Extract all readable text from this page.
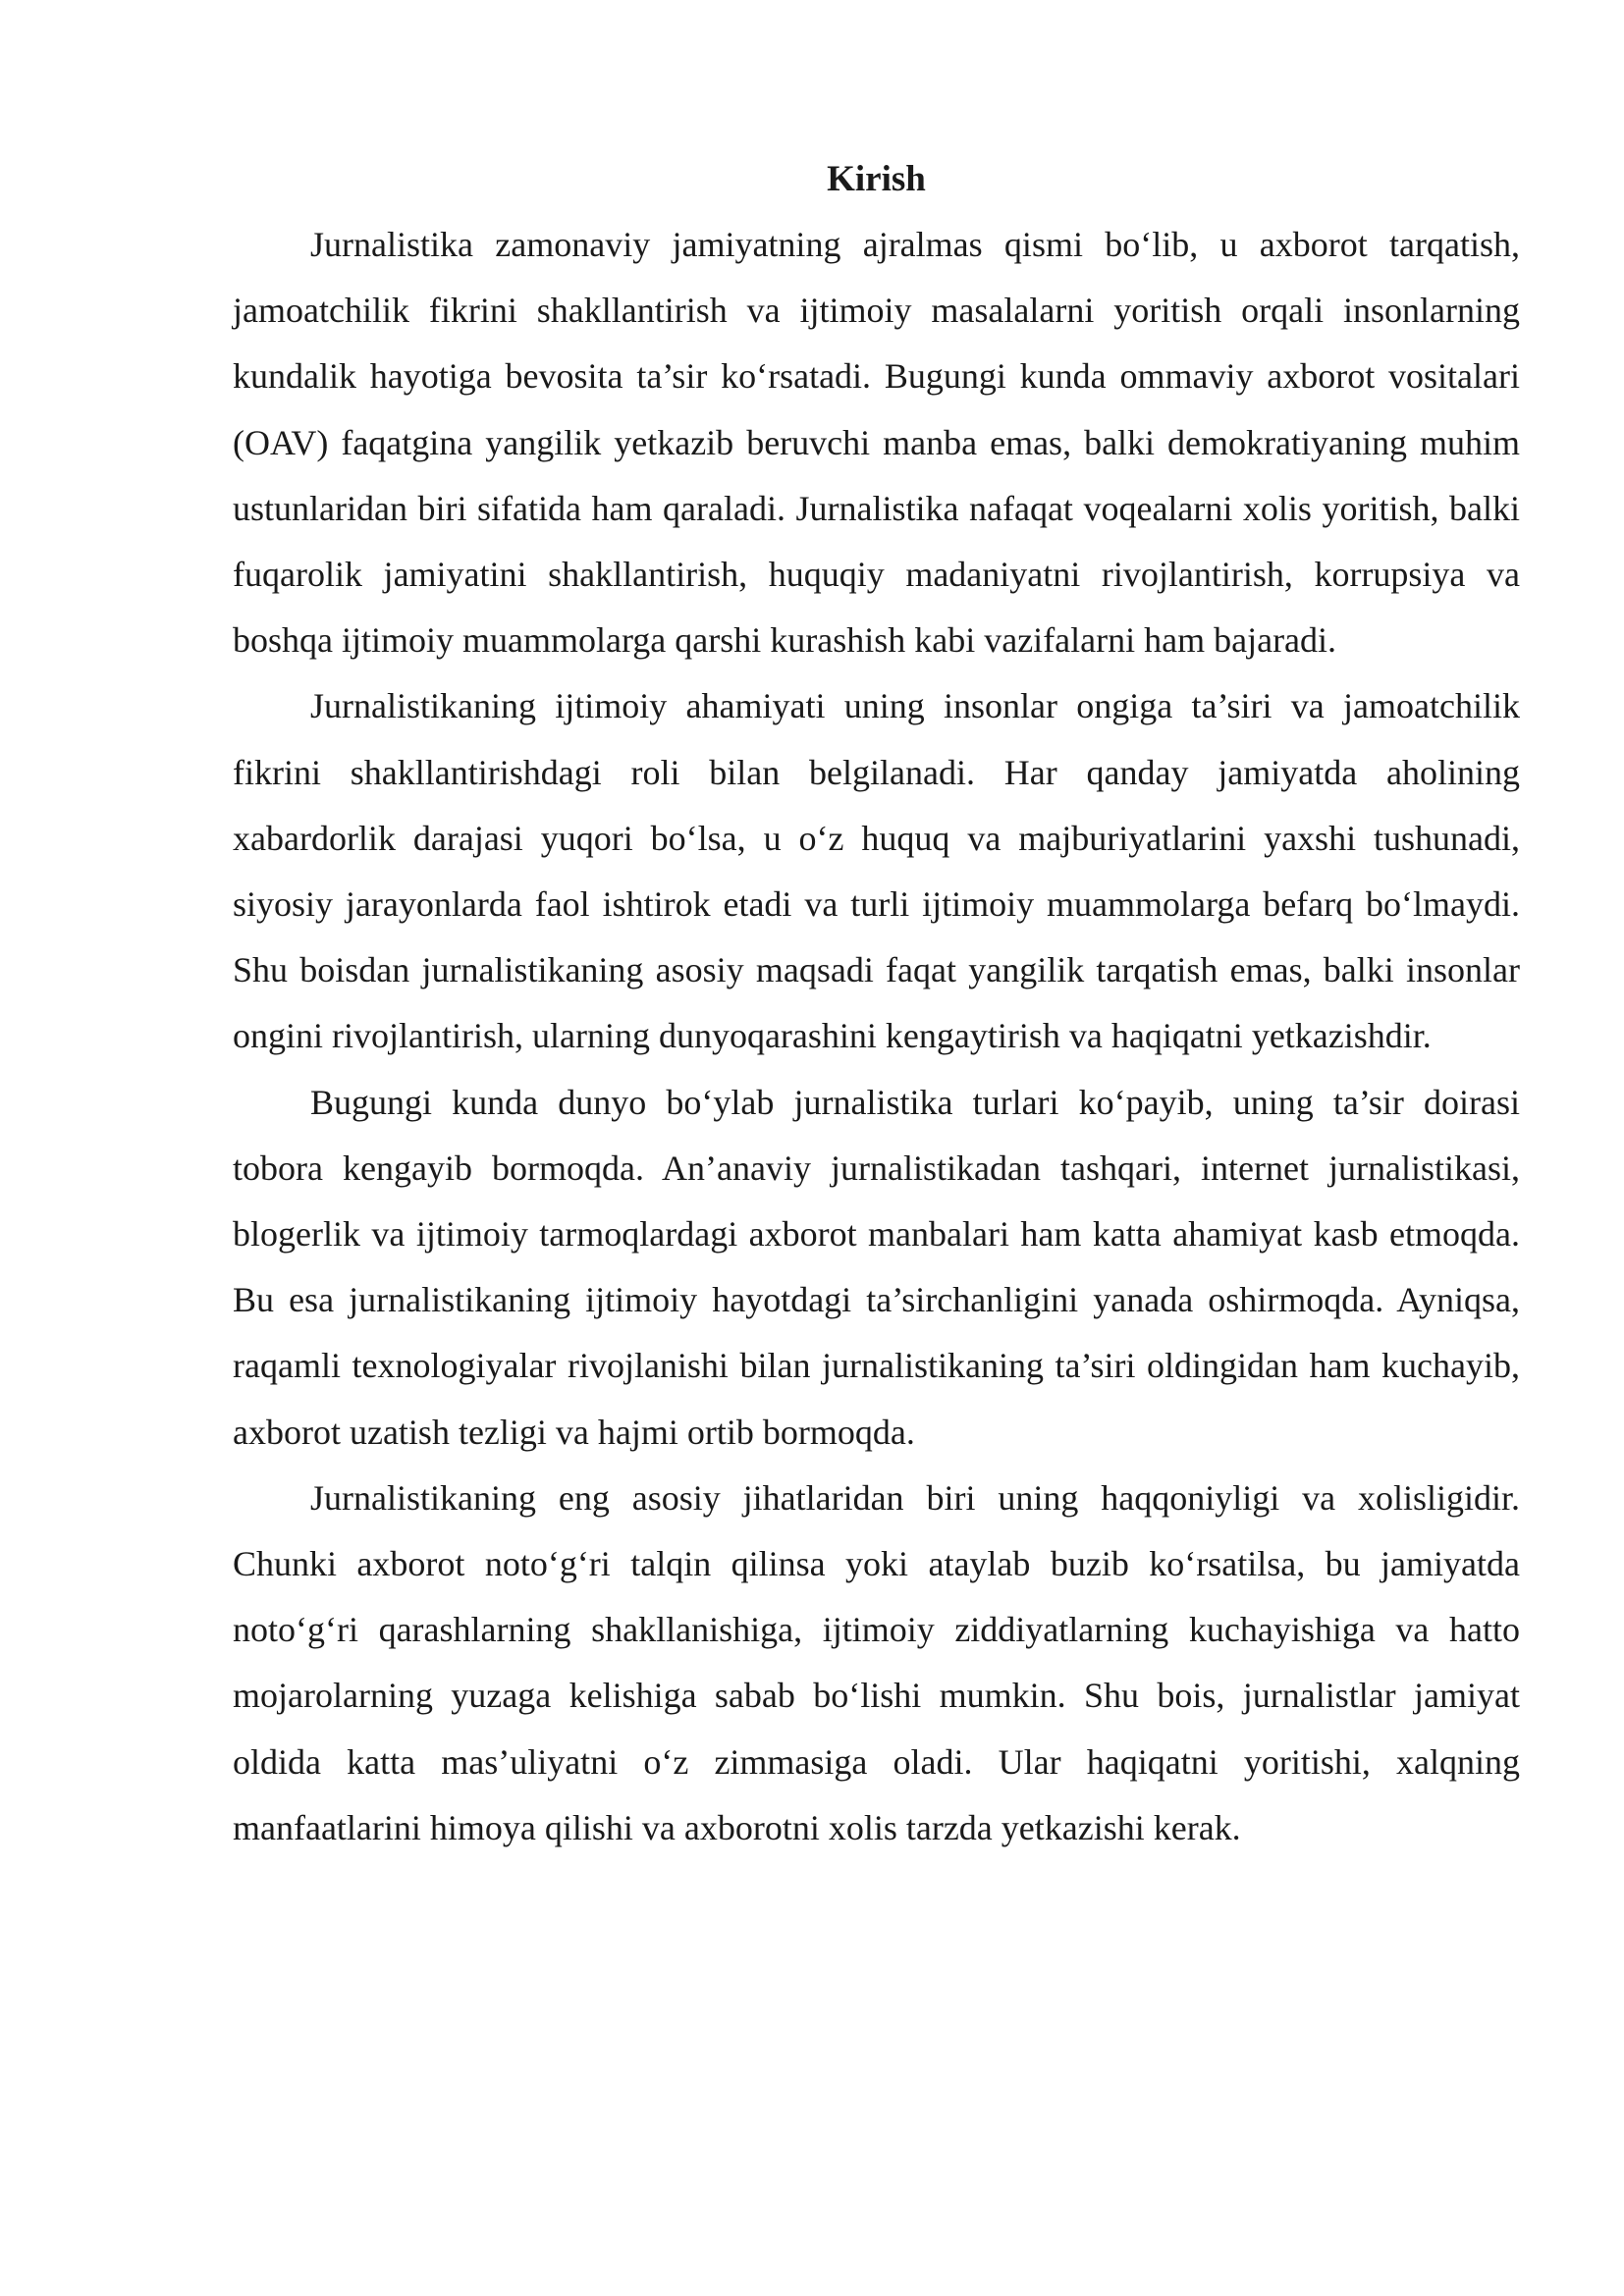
Kirish

Jurnalistika zamonaviy jamiyatning ajralmas qismi bo‘lib, u axborot tarqatish, jamoatchilik fikrini shakllantirish va ijtimoiy masalalarni yoritish orqali insonlarning kundalik hayotiga bevosita ta’sir ko‘rsatadi. Bugungi kunda ommaviy axborot vositalari (OAV) faqatgina yangilik yetkazib beruvchi manba emas, balki demokratiyaning muhim ustunlaridan biri sifatida ham qaraladi. Jurnalistika nafaqat voqealarni xolis yoritish, balki fuqarolik jamiyatini shakllantirish, huquqiy madaniyatni rivojlantirish, korrupsiya va boshqa ijtimoiy muammolarga qarshi kurashish kabi vazifalarni ham bajaradi.

Jurnalistikaning ijtimoiy ahamiyati uning insonlar ongiga ta’siri va jamoatchilik fikrini shakllantirishdagi roli bilan belgilanadi. Har qanday jamiyatda aholining xabardorlik darajasi yuqori bo‘lsa, u o‘z huquq va majburiyatlarini yaxshi tushunadi, siyosiy jarayonlarda faol ishtirok etadi va turli ijtimoiy muammolarga befarq bo‘lmaydi. Shu boisdan jurnalistikaning asosiy maqsadi faqat yangilik tarqatish emas, balki insonlar ongini rivojlantirish, ularning dunyoqarashini kengaytirish va haqiqatni yetkazishdir.

Bugungi kunda dunyo bo‘ylab jurnalistika turlari ko‘payib, uning ta’sir doirasi tobora kengayib bormoqda. An’anaviy jurnalistikadan tashqari, internet jurnalistikasi, blogerlik va ijtimoiy tarmoqlardagi axborot manbalari ham katta ahamiyat kasb etmoqda. Bu esa jurnalistikaning ijtimoiy hayotdagi ta’sirchanligini yanada oshirmoqda. Ayniqsa, raqamli texnologiyalar rivojlanishi bilan jurnalistikaning ta’siri oldingidan ham kuchayib, axborot uzatish tezligi va hajmi ortib bormoqda.

Jurnalistikaning eng asosiy jihatlaridan biri uning haqqoniyligi va xolisligidir. Chunki axborot noto‘g‘ri talqin qilinsa yoki ataylab buzib ko‘rsatilsa, bu jamiyatda noto‘g‘ri qarashlarning shakllanishiga, ijtimoiy ziddiyatlarning kuchayishiga va hatto mojarolarning yuzaga kelishiga sabab bo‘lishi mumkin. Shu bois, jurnalistlar jamiyat oldida katta mas’uliyatni o‘z zimmasiga oladi. Ular haqiqatni yoritishi, xalqning manfaatlarini himoya qilishi va axborotni xolis tarzda yetkazishi kerak.
